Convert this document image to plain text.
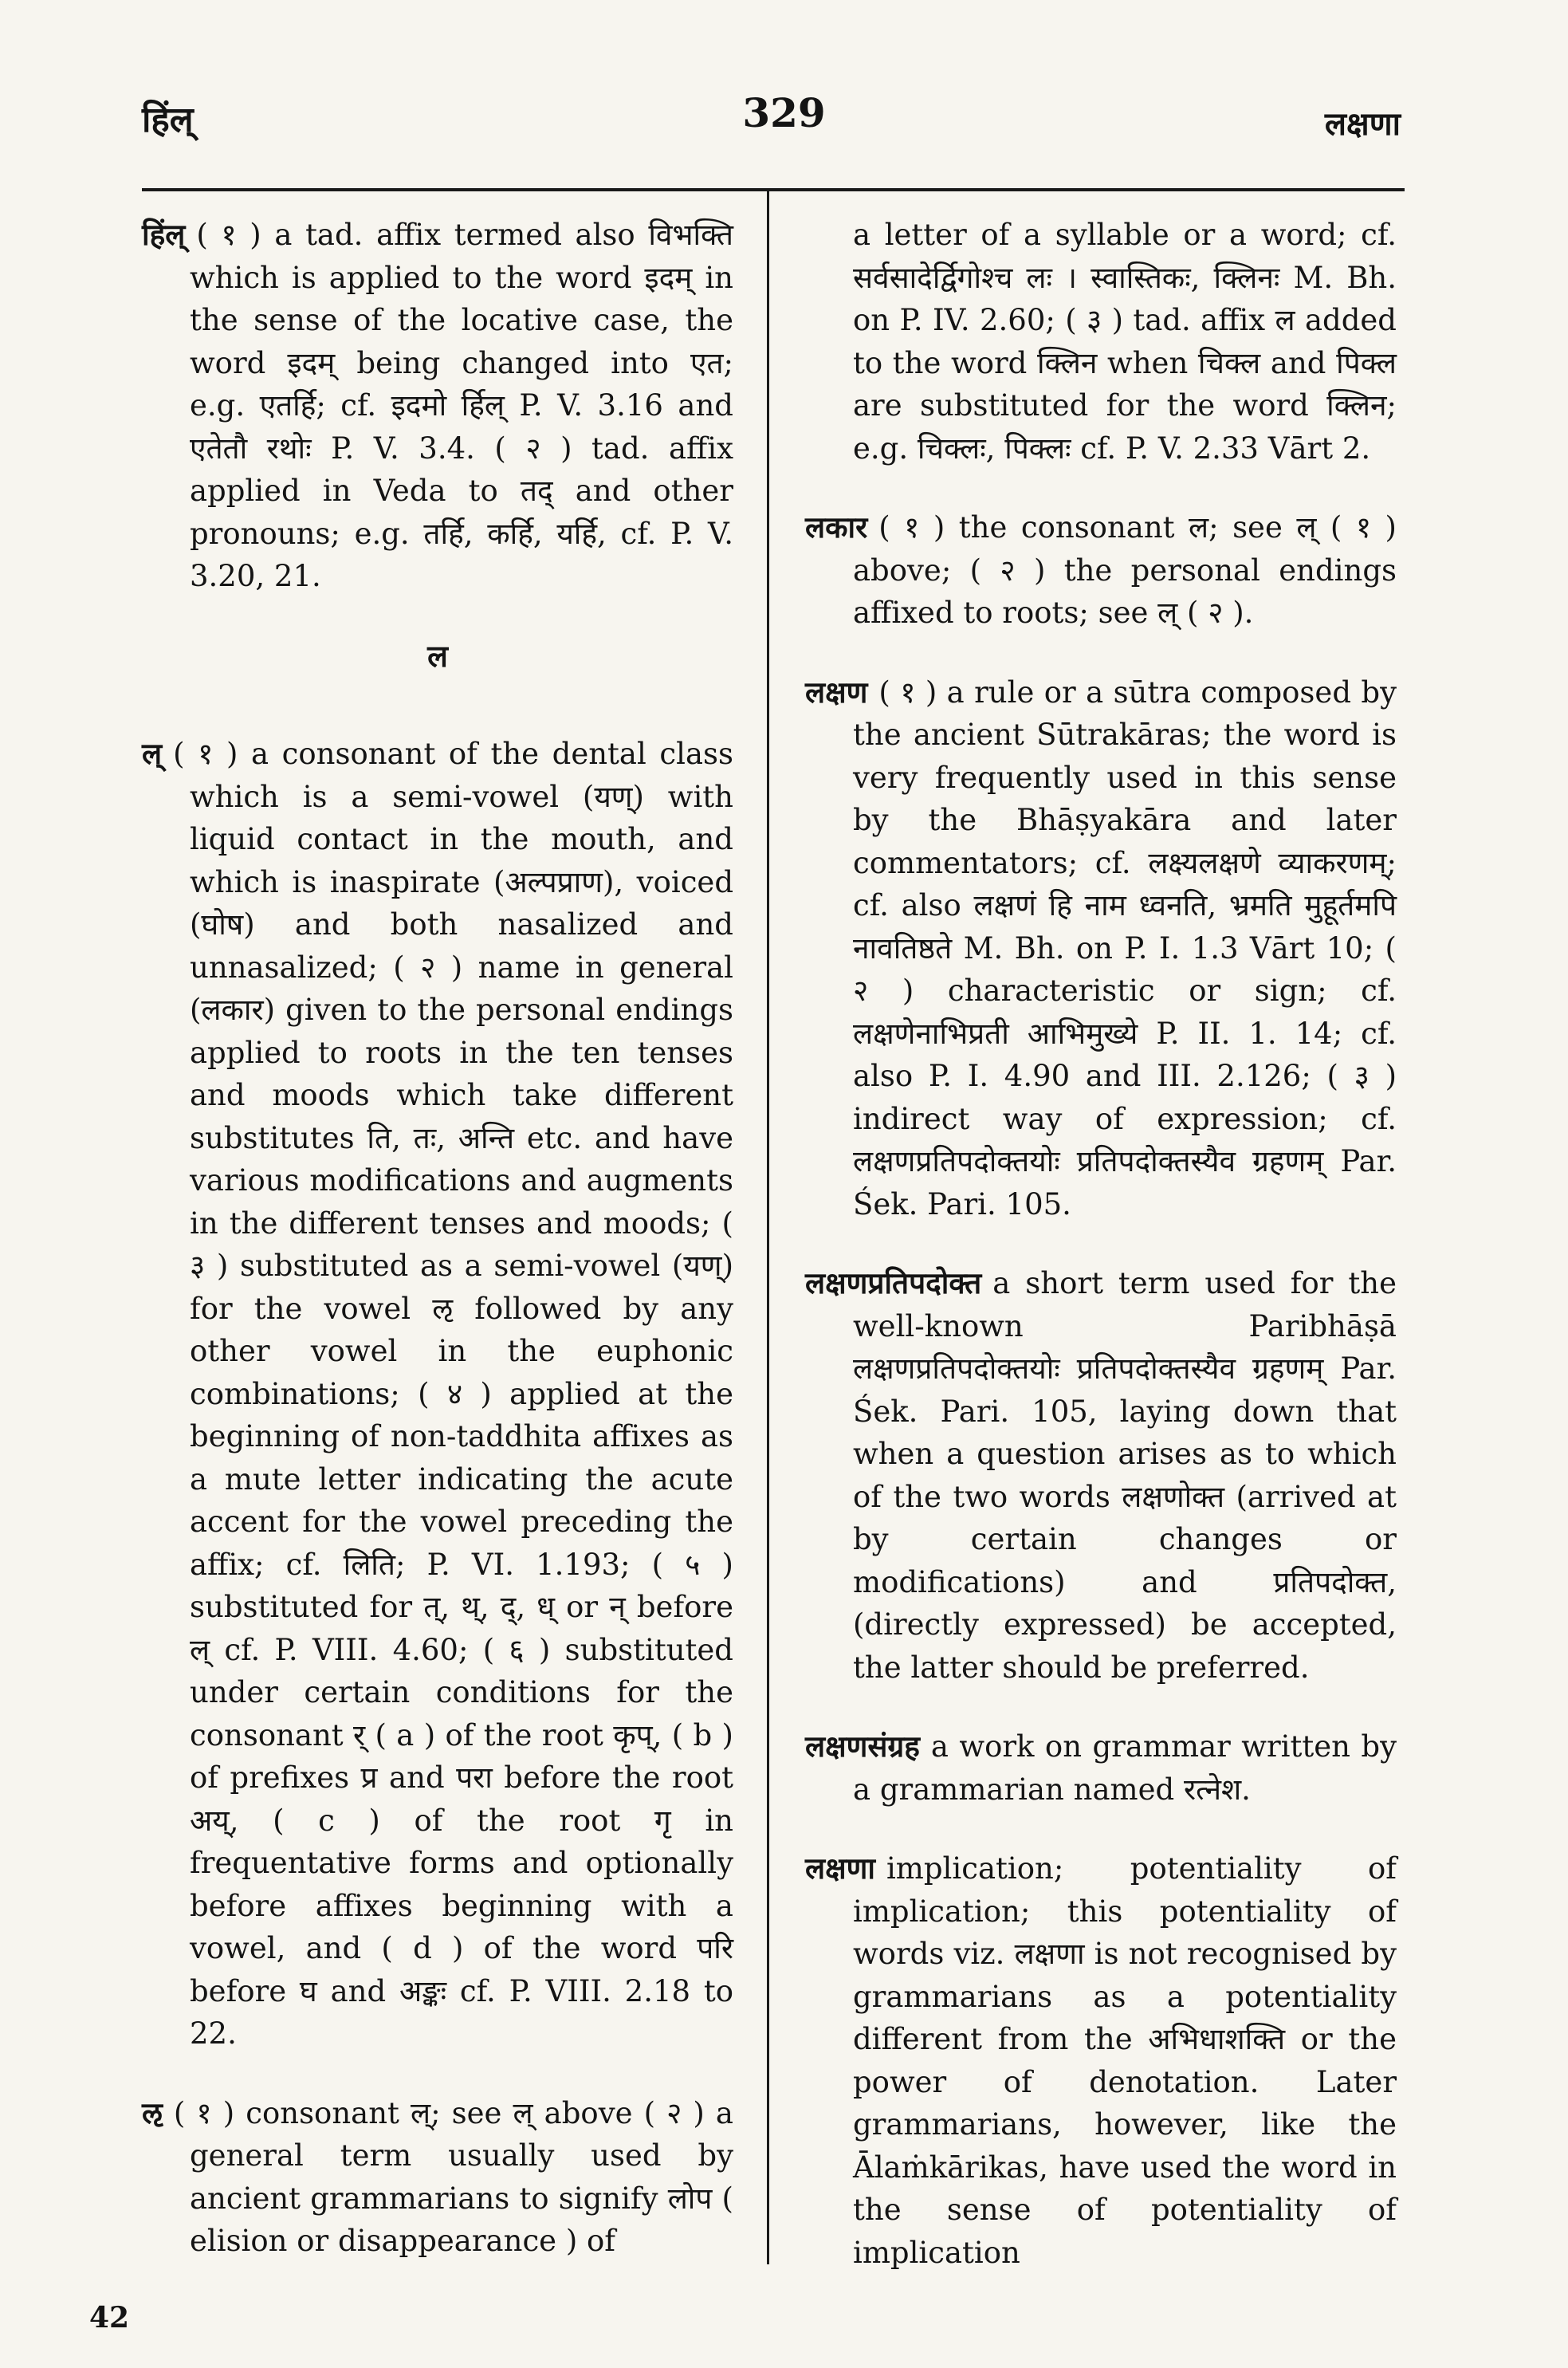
हिंल्	329	लक्षणा

हिंल् ( १ ) a tad. affix termed also विभक्ति which is applied to the word इदम् in the sense of the locative case, the word इदम् being changed into एत; e.g. एतर्हि; cf. इदमो र्हिल् P. V. 3.16 and एतेतौ रथोः P. V. 3.4. ( २ ) tad. affix applied in Veda to तद् and other pronouns; e.g. तर्हि, कर्हि, यर्हि, cf. P. V. 3.20, 21.

ल

ल् ( १ ) a consonant of the dental class which is a semi-vowel (यण्) with liquid contact in the mouth, and which is inaspirate (अल्पप्राण), voiced (घोष) and both nasalized and unnasalized; ( २ ) name in general (लकार) given to the personal endings applied to roots in the ten tenses and moods which take different substitutes ति, तः, अन्ति etc. and have various modifications and augments in the different tenses and moods; ( ३ ) substituted as a semi-vowel (यण्) for the vowel ऌ followed by any other vowel in the euphonic combinations; ( ४ ) applied at the beginning of non-taddhita affixes as a mute letter indicating the acute accent for the vowel preceding the affix; cf. लिति; P. VI. 1.193; ( ५ ) substituted for त्, थ्, द्, ध् or न् before ल् cf. P. VIII. 4.60; ( ६ ) substituted under certain conditions for the consonant र् ( a ) of the root कृप्, ( b ) of prefixes प्र and परा before the root अय्, ( c ) of the root गृ in frequentative forms and optionally before affixes beginning with a vowel, and ( d ) of the word परि before घ and अङ्कः cf. P. VIII. 2.18 to 22.

ऌ ( १ ) consonant ल्; see ल् above ( २ ) a general term usually used by ancient grammarians to signify लोप ( elision or disappearance ) of

a letter of a syllable or a word; cf. सर्वसादेर्द्विगोश्च लः । स्वास्तिकः, क्लिनः M. Bh. on P. IV. 2.60; ( ३ ) tad. affix ल added to the word क्लिन when चिक्ल and पिक्ल are substituted for the word क्लिन; e.g. चिक्लः, पिक्लः cf. P. V. 2.33 Vārt 2.

लकार ( १ ) the consonant ल; see ल् ( १ ) above; ( २ ) the personal endings affixed to roots; see ल् ( २ ).

लक्षण ( १ ) a rule or a sūtra composed by the ancient Sūtrakāras; the word is very frequently used in this sense by the Bhāṣyakāra and later commentators; cf. लक्ष्यलक्षणे व्याकरणम्; cf. also लक्षणं हि नाम ध्वनति, भ्रमति मुहूर्तमपि नावतिष्ठते M. Bh. on P. I. 1.3 Vārt 10; ( २ ) characteristic or sign; cf. लक्षणेनाभिप्रती आभिमुख्ये P. II. 1. 14; cf. also P. I. 4.90 and III. 2.126; ( ३ ) indirect way of expression; cf. लक्षणप्रतिपदोक्तयोः प्रतिपदोक्तस्यैव ग्रहणम् Par. Śek. Pari. 105.

लक्षणप्रतिपदोक्त a short term used for the well-known Paribhāṣā लक्षणप्रतिपदोक्तयोः प्रतिपदोक्तस्यैव ग्रहणम् Par. Śek. Pari. 105, laying down that when a question arises as to which of the two words लक्षणोक्त (arrived at by certain changes or modifications) and प्रतिपदोक्त, (directly expressed) be accepted, the latter should be preferred.

लक्षणसंग्रह a work on grammar written by a grammarian named रत्नेश.

लक्षणा implication; potentiality of implication; this potentiality of words viz. लक्षणा is not recognised by grammarians as a potentiality different from the अभिधाशक्ति or the power of denotation. Later grammarians, however, like the Ālaṁkārikas, have used the word in the sense of potentiality of implication

42
